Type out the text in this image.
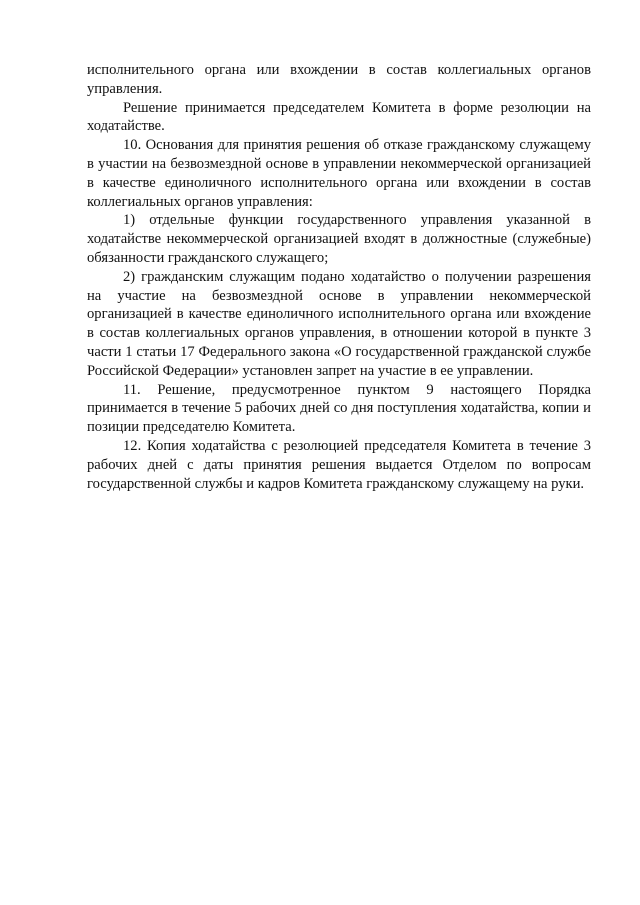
исполнительного органа или вхождении в состав коллегиальных органов управления.

Решение принимается председателем Комитета в форме резолюции на ходатайстве.

10. Основания для принятия решения об отказе гражданскому служащему в участии на безвозмездной основе в управлении некоммерческой организацией в качестве единоличного исполнительного органа или вхождении в состав коллегиальных органов управления:

1) отдельные функции государственного управления указанной в ходатайстве некоммерческой организацией входят в должностные (служебные) обязанности гражданского служащего;

2) гражданским служащим подано ходатайство о получении разрешения на участие на безвозмездной основе в управлении некоммерческой организацией в качестве единоличного исполнительного органа или вхождение в состав коллегиальных органов управления, в отношении которой в пункте 3 части 1 статьи 17 Федерального закона «О государственной гражданской службе Российской Федерации» установлен запрет на участие в ее управлении.

11. Решение, предусмотренное пунктом 9 настоящего Порядка принимается в течение 5 рабочих дней со дня поступления ходатайства, копии и позиции председателю Комитета.

12. Копия ходатайства с резолюцией председателя Комитета в течение 3 рабочих дней с даты принятия решения выдается Отделом по вопросам государственной службы и кадров Комитета гражданскому служащему на руки.
